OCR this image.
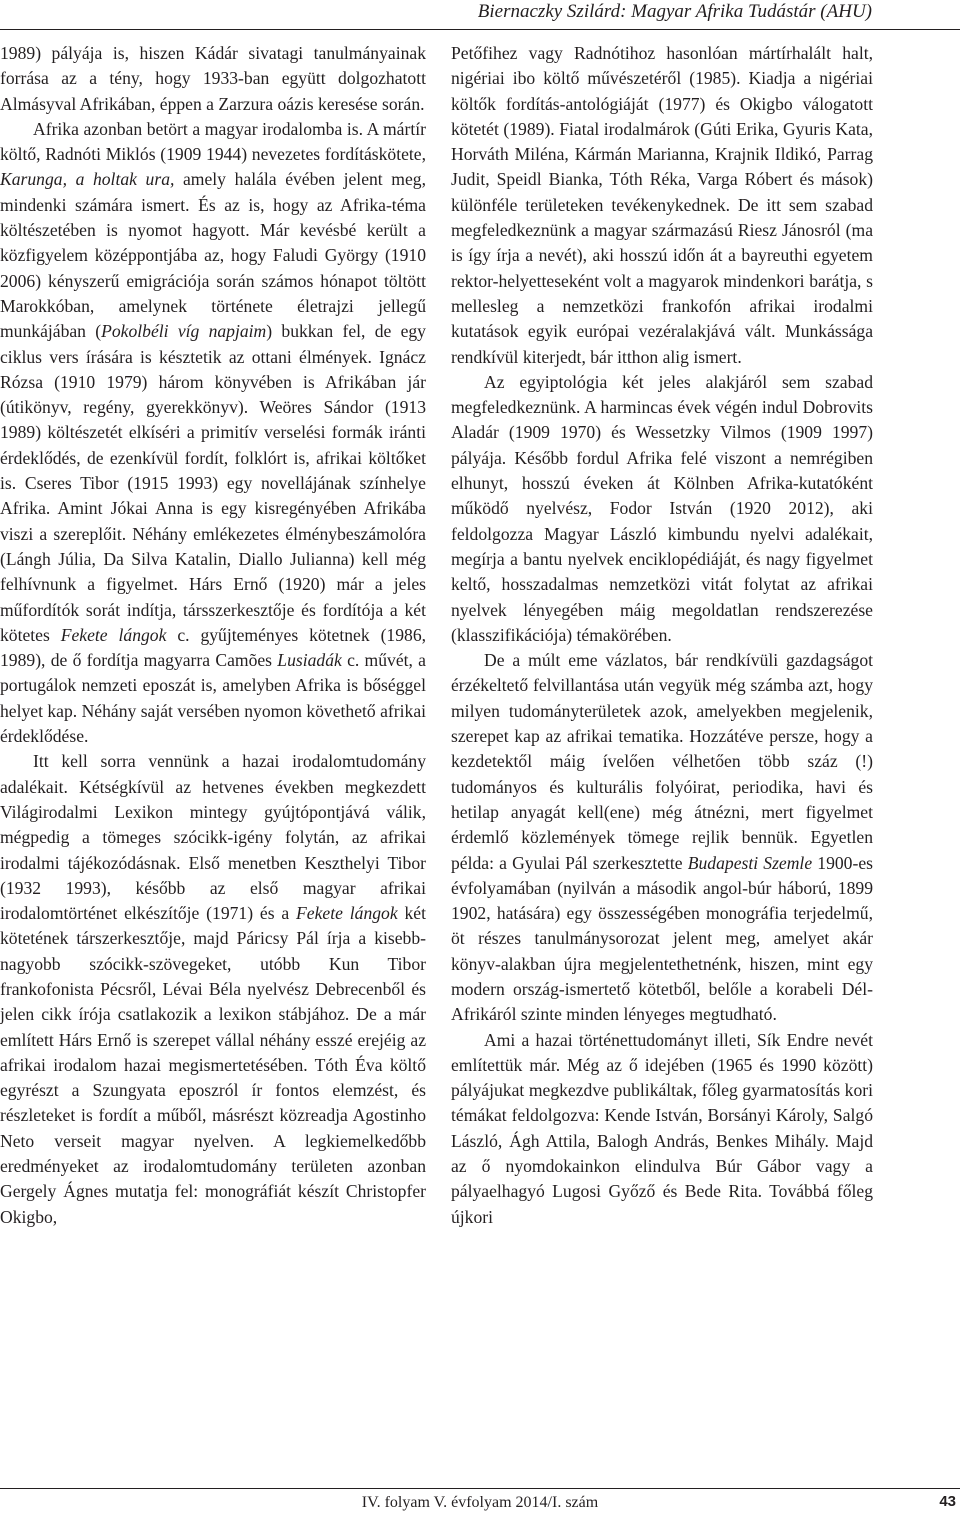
Biernaczky Szilárd: Magyar Afrika Tudástár (AHU)

1989) pályája is, hiszen Kádár sivatagi tanulmányainak forrása az a tény, hogy 1933-ban együtt dolgozhatott Almásyval Afrikában, éppen a Zarzura oázis keresése során.

Afrika azonban betört a magyar irodalomba is. A mártír költő, Radnóti Miklós (1909 1944) nevezetes fordításkötete, Karunga, a holtak ura, amely halála évében jelent meg, mindenki számára ismert. És az is, hogy az Afrika-téma költészetében is nyomot hagyott. Már kevésbé került a közfigyelem középpontjába az, hogy Faludi György (1910 2006) kényszerű emigrációja során számos hónapot töltött Marokkóban, amelynek története életrajzi jellegű munkájában (Pokolbéli víg napjaim) bukkan fel, de egy ciklus vers írására is késztetik az ottani élmények. Ignácz Rózsa (1910 1979) három könyvében is Afrikában jár (útikönyv, regény, gyerekkönyv). Weöres Sándor (1913 1989) költészetét elkíséri a primitív verselési formák iránti érdeklődés, de ezenkívül fordít, folklórt is, afrikai költőket is. Cseres Tibor (1915 1993) egy novellájának színhelye Afrika. Amint Jókai Anna is egy kisregényében Afrikába viszi a szereplőit. Néhány emlékezetes élménybeszámolóra (Lángh Júlia, Da Silva Katalin, Diallo Julianna) kell még felhívnunk a figyelmet. Hárs Ernő (1920) már a jeles műfordítók sorát indítja, társszerkesztője és fordítója a két kötetes Fekete lángok c. gyűjteményes kötetnek (1986, 1989), de ő fordítja magyarra Camões Lusiadák c. művét, a portugálok nemzeti eposzát is, amelyben Afrika is bőséggel helyet kap. Néhány saját versében nyomon követhető afrikai érdeklődése.

Itt kell sorra vennünk a hazai irodalomtudomány adalékait. Kétségkívül az hetvenes években megkezdett Világirodalmi Lexikon mintegy gyújtópontjává válik, mégpedig a tömeges szócikk-igény folytán, az afrikai irodalmi tájékozódásnak. Első menetben Keszthelyi Tibor (1932 1993), később az első magyar afrikai irodalomtörténet elkészítője (1971) és a Fekete lángok két kötetének társzerkesztője, majd Páricsy Pál írja a kisebb-nagyobb szócikk-szövegeket, utóbb Kun Tibor frankofonista Pécsről, Lévai Béla nyelvész Debrecenből és jelen cikk írója csatlakozik a lexikon stábjához. De a már említett Hárs Ernő is szerepet vállal néhány esszé erejéig az afrikai irodalom hazai megismertetésében. Tóth Éva költő egyrészt a Szungyata eposzról ír fontos elemzést, és részleteket is fordít a műből, másrészt közreadja Agostinho Neto verseit magyar nyelven. A legkiemelkedőbb eredményeket az irodalomtudomány területen azonban Gergely Ágnes mutatja fel: monográfiát készít Christopfer Okigbo,

Petőfihez vagy Radnótihoz hasonlóan mártírhalált halt, nigériai ibo költő művészetéről (1985). Kiadja a nigériai költők fordítás-antológiáját (1977) és Okigbo válogatott kötetét (1989). Fiatal irodalmárok (Gúti Erika, Gyuris Kata, Horváth Miléna, Kármán Marianna, Krajnik Ildikó, Parrag Judit, Speidl Bianka, Tóth Réka, Varga Róbert és mások) különféle területeken tevékenykednek. De itt sem szabad megfeledkeznünk a magyar származású Riesz Jánosról (ma is így írja a nevét), aki hosszú időn át a bayreuthi egyetem rektor-helyetteseként volt a magyarok mindenkori barátja, s mellesleg a nemzetközi frankofón afrikai irodalmi kutatások egyik európai vezéralakjává vált. Munkássága rendkívül kiterjedt, bár itthon alig ismert.

Az egyiptológia két jeles alakjáról sem szabad megfeledkeznünk. A harmincas évek végén indul Dobrovits Aladár (1909 1970) és Wessetzky Vilmos (1909 1997) pályája. Később fordul Afrika felé viszont a nemrégiben elhunyt, hosszú éveken át Kölnben Afrika-kutatóként működő nyelvész, Fodor István (1920 2012), aki feldolgozza Magyar László kimbundu nyelvi adalékait, megírja a bantu nyelvek enciklopédiáját, és nagy figyelmet keltő, hosszadalmas nemzetközi vitát folytat az afrikai nyelvek lényegében máig megoldatlan rendszerezése (klasszifikációja) témakörében.

De a múlt eme vázlatos, bár rendkívüli gazdagságot érzékeltető felvillantása után vegyük még számba azt, hogy milyen tudományterületek azok, amelyekben megjelenik, szerepet kap az afrikai tematika. Hozzátéve persze, hogy a kezdetektől máig ívelően vélhetően több száz (!) tudományos és kulturális folyóirat, periodika, havi és hetilap anyagát kell(ene) még átnézni, mert figyelmet érdemlő közlemények tömege rejlik bennük. Egyetlen példa: a Gyulai Pál szerkesztette Budapesti Szemle 1900-es évfolyamában (nyilván a második angol-búr háború, 1899 1902, hatására) egy összességében monográfia terjedelmű, öt részes tanulmánysorozat jelent meg, amelyet akár könyv-alakban újra megjelentethetnénk, hiszen, mint egy modern ország-ismertető kötetből, belőle a korabeli Dél-Afrikáról szinte minden lényeges megtudható.

Ami a hazai történettudományt illeti, Sík Endre nevét említettük már. Még az ő idejében (1965 és 1990 között) pályájukat megkezdve publikáltak, főleg gyarmatosítás kori témákat feldolgozva: Kende István, Borsányi Károly, Salgó László, Ágh Attila, Balogh András, Benkes Mihály. Majd az ő nyomdokainkon elindulva Búr Gábor vagy a pályaelhagyó Lugosi Győző és Bede Rita. Továbbá főleg újkori

IV. folyam V. évfolyam 2014/I. szám	43
